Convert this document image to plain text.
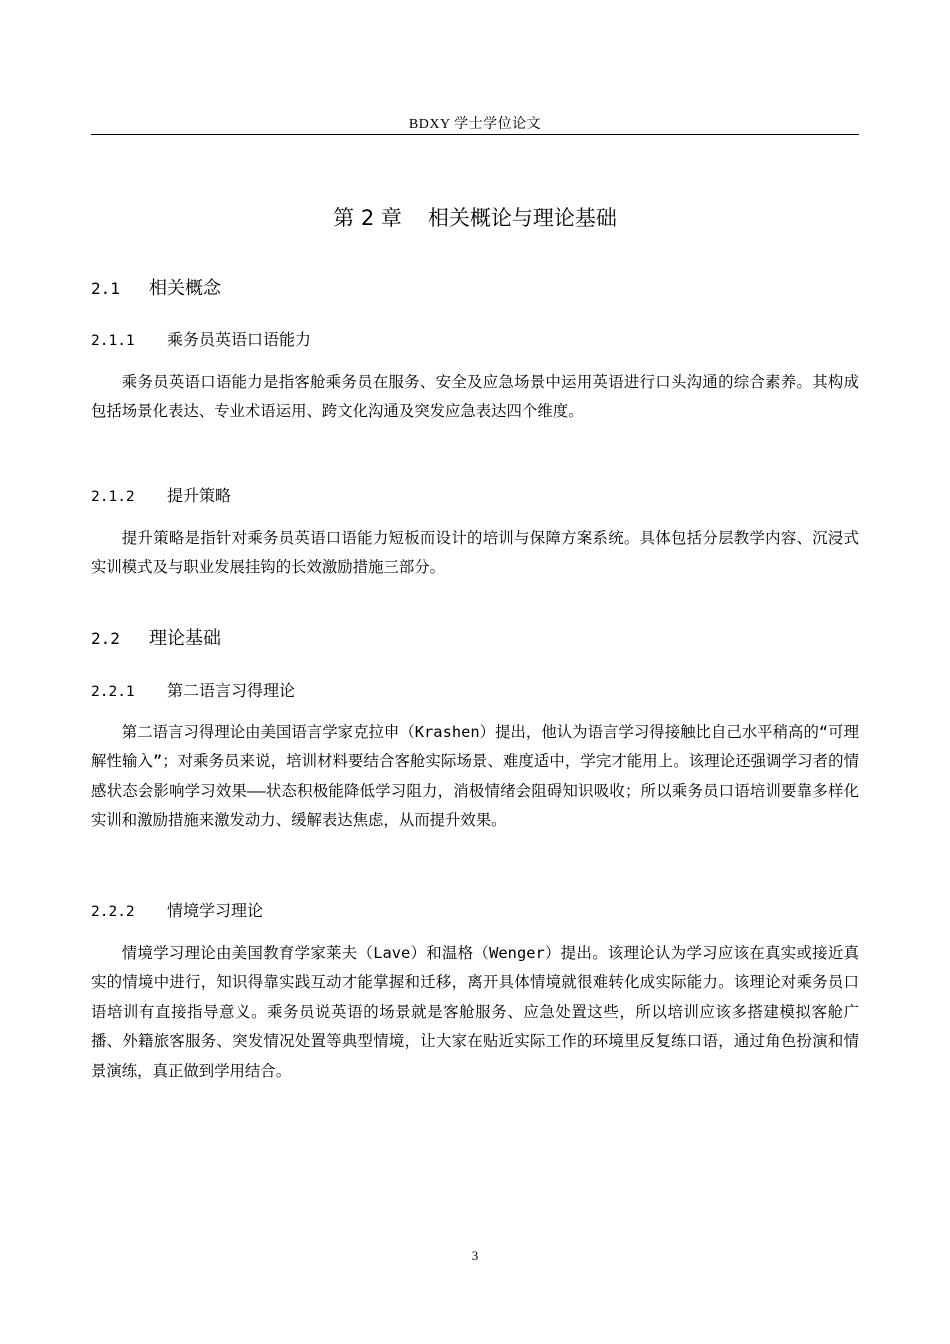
BDXY 学士学位论文
第 2 章 相关概论与理论基础
2.1 相关概念
2.1.1 乘务员英语口语能力

乘务员英语口语能力是指客舱乘务员在服务、安全及应急场景中运用英语进行口头沟通的综合素养。其构成包括场景化表达、专业术语运用、跨文化沟通及突发应急表达四个维度。

2.1.2 提升策略

提升策略是指针对乘务员英语口语能力短板而设计的培训与保障方案系统。具体包括分层教学内容、沉浸式实训模式及与职业发展挂钩的长效激励措施三部分。

2.2 理论基础
2.2.1 第二语言习得理论

第二语言习得理论由美国语言学家克拉申（Krashen）提出，他认为语言学习得接触比自己水平稍高的“可理解性输入”；对乘务员来说，培训材料要结合客舱实际场景、难度适中，学完才能用上。该理论还强调学习者的情感状态会影响学习效果——状态积极能降低学习阻力，消极情绪会阻碍知识吸收；所以乘务员口语培训要靠多样化实训和激励措施来激发动力、缓解表达焦虑，从而提升效果。

2.2.2 情境学习理论

情境学习理论由美国教育学家莱夫（Lave）和温格（Wenger）提出。该理论认为学习应该在真实或接近真实的情境中进行，知识得靠实践互动才能掌握和迁移，离开具体情境就很难转化成实际能力。该理论对乘务员口语培训有直接指导意义。乘务员说英语的场景就是客舱服务、应急处置这些，所以培训应该多搭建模拟客舱广播、外籍旅客服务、突发情况处置等典型情境，让大家在贴近实际工作的环境里反复练口语，通过角色扮演和情景演练，真正做到学用结合。

3
